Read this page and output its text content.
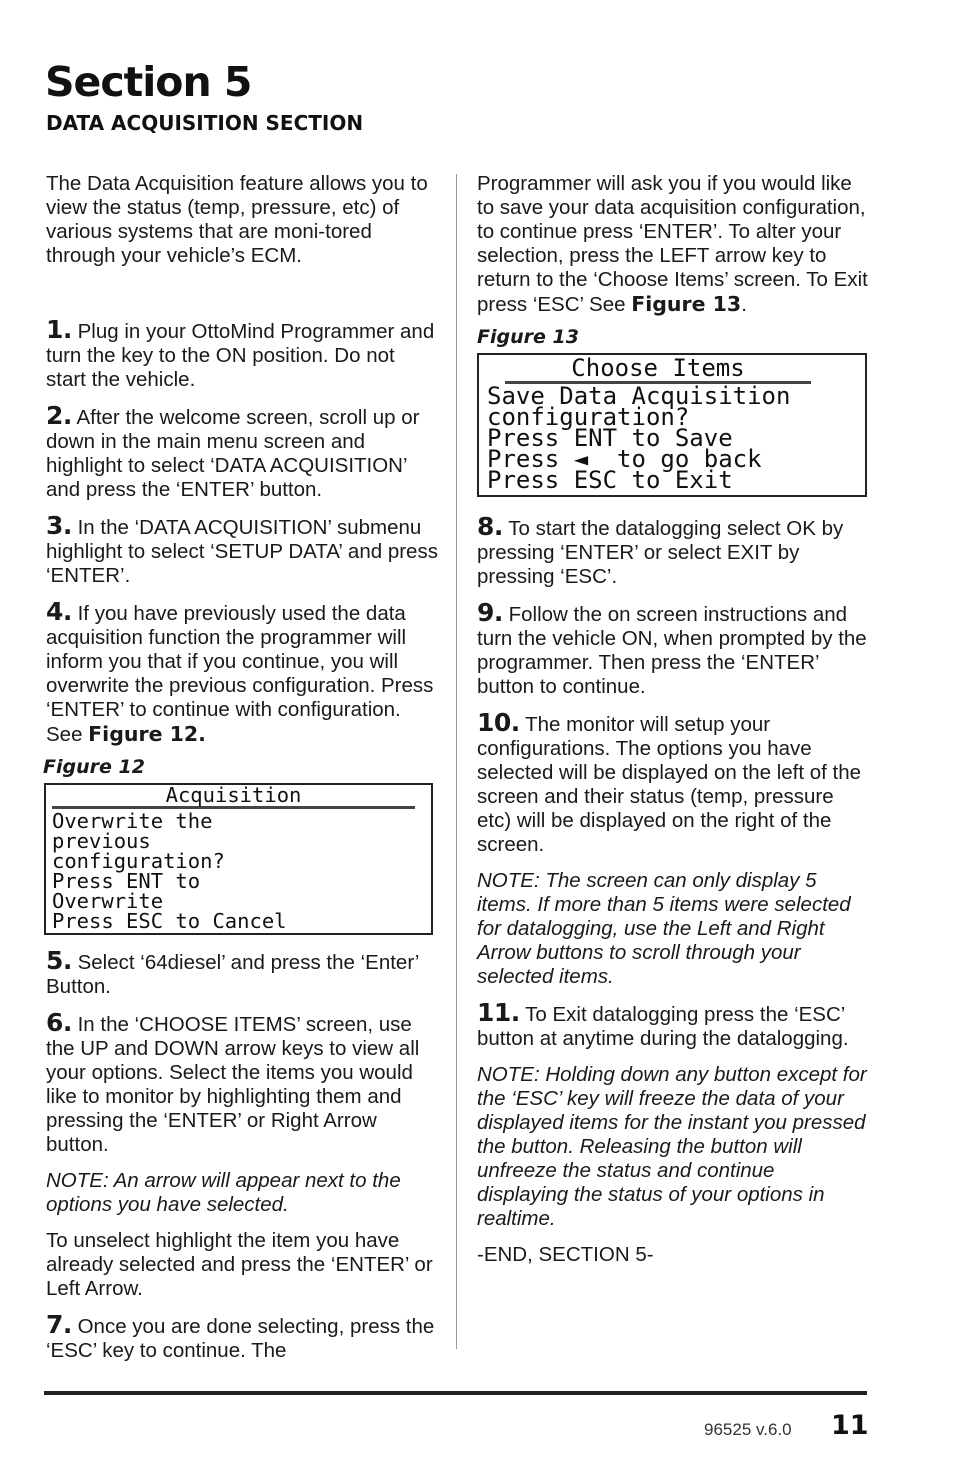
Section 5
DATA ACQUISITION SECTION

The Data Acquisition feature allows you to view the status (temp, pressure, etc) of various systems that are moni-tored through your vehicle’s ECM.

1. Plug in your OttoMind Programmer and turn the key to the ON position. Do not start the vehicle.

2. After the welcome screen, scroll up or down in the main menu screen and highlight to select ‘DATA ACQUISITION’ and press the ‘ENTER’ button.

3. In the ‘DATA ACQUISITION’ submenu highlight to select ‘SETUP DATA’ and press ‘ENTER’.

4. If you have previously used the data acquisition function the programmer will inform you that if you continue, you will overwrite the previous configuration. Press ‘ENTER’ to continue with configuration. See Figure 12.

Figure 12
Acquisition
Overwrite the
previous
configuration?
Press ENT to
Overwrite
Press ESC to Cancel

5. Select ‘64diesel’ and press the ‘Enter’ Button.

6. In the ‘CHOOSE ITEMS’ screen, use the UP and DOWN arrow keys to view all your options. Select the items you would like to monitor by highlighting them and pressing the ‘ENTER’ or Right Arrow button.

NOTE: An arrow will appear next to the options you have selected.

To unselect highlight the item you have already selected and press the ‘ENTER’ or Left Arrow.

7. Once you are done selecting, press the ‘ESC’ key to continue. The

Programmer will ask you if you would like to save your data acquisition configuration, to continue press ‘ENTER’. To alter your selection, press the LEFT arrow key to return to the ‘Choose Items’ screen. To Exit press ‘ESC’ See Figure 13.

Figure 13
Choose Items
Save Data Acquisition
configuration?
Press ENT to Save
Press ◄  to go back
Press ESC to Exit

8. To start the datalogging select OK by pressing ‘ENTER’ or select EXIT by pressing ‘ESC’.

9. Follow the on screen instructions and turn the vehicle ON, when prompted by the programmer. Then press the ‘ENTER’ button to continue.

10. The monitor will setup your configurations. The options you have selected will be displayed on the left of the screen and their status (temp, pressure etc) will be displayed on the right of the screen.

NOTE: The screen can only display 5 items. If more than 5 items were selected for datalogging, use the Left and Right Arrow buttons to scroll through your selected items.

11. To Exit datalogging press the ‘ESC’ button at anytime during the datalogging.

NOTE: Holding down any button except for the ‘ESC’ key will freeze the data of your displayed items for the instant you pressed the button. Releasing the button will unfreeze the status and continue displaying the status of your options in realtime.

-END, SECTION 5-

96525 v.6.0 11
